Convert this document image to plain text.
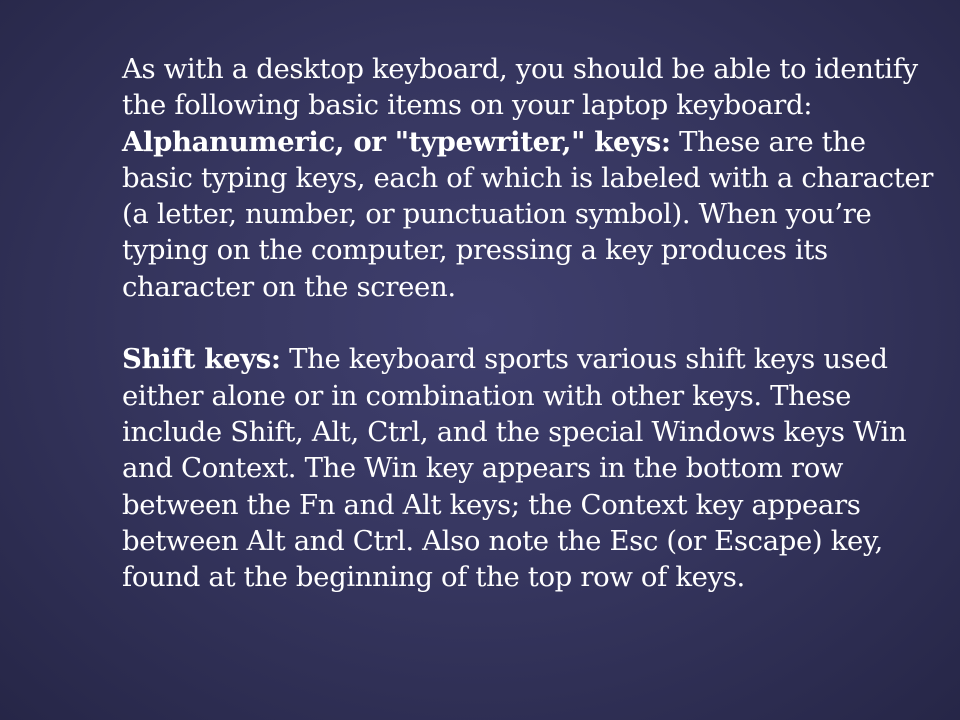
As with a desktop keyboard, you should be able to identify the following basic items on your laptop keyboard:

Alphanumeric, or "typewriter," keys: These are the basic typing keys, each of which is labeled with a character (a letter, number, or punctuation symbol). When you’re typing on the computer, pressing a key produces its character on the screen.

Shift keys: The keyboard sports various shift keys used either alone or in combination with other keys. These include Shift, Alt, Ctrl, and the special Windows keys Win and Context. The Win key appears in the bottom row between the Fn and Alt keys; the Context key appears between Alt and Ctrl. Also note the Esc (or Escape) key, found at the beginning of the top row of keys.
